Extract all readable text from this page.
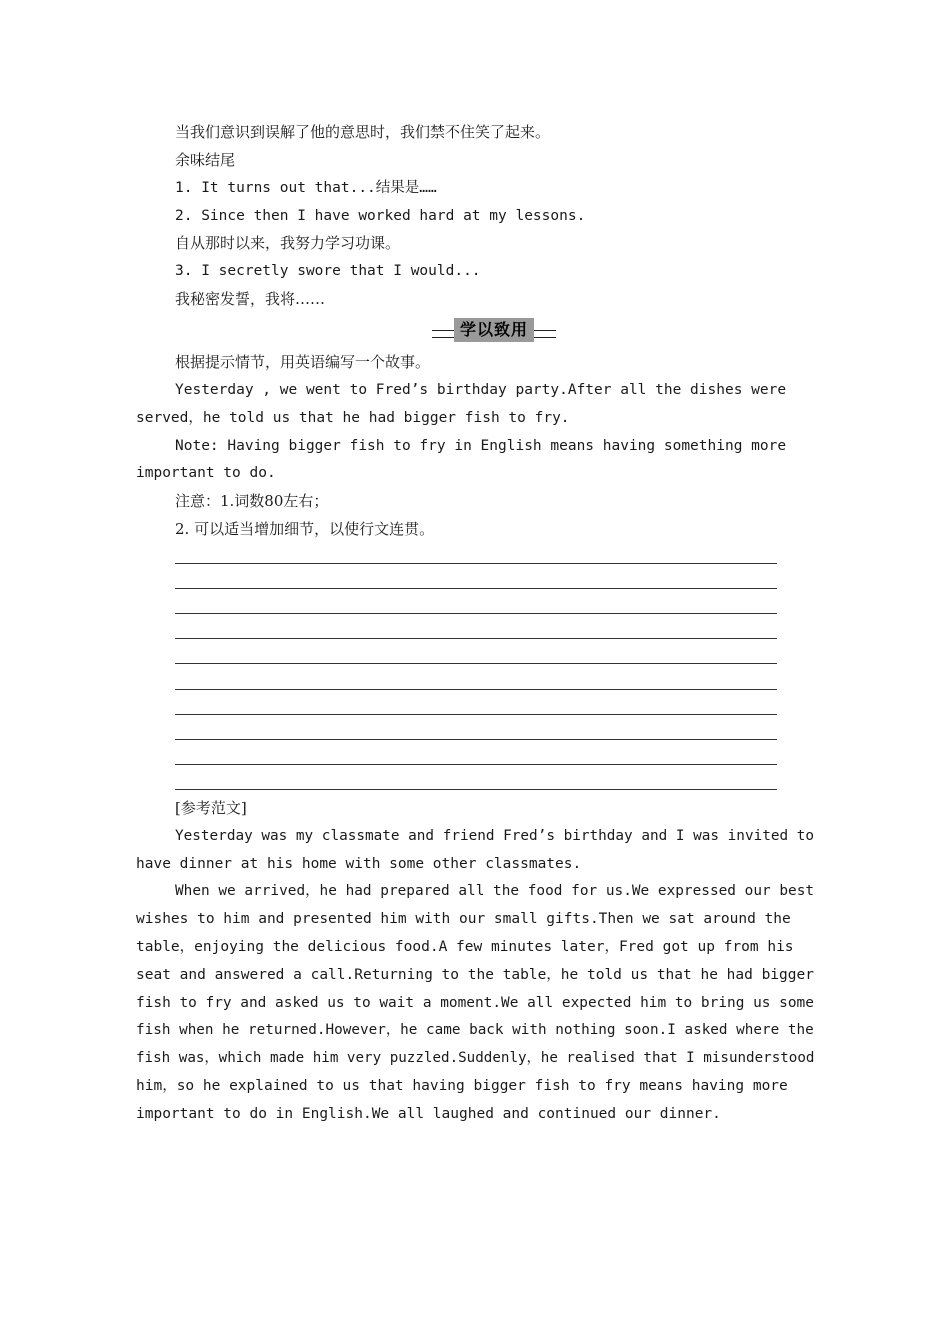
当我们意识到误解了他的意思时，我们禁不住笑了起来。
余味结尾
1. It turns out that...结果是……
2. Since then I have worked hard at my lessons.
自从那时以来，我努力学习功课。
3. I secretly swore that I would...
我秘密发誓，我将……
学以致用
根据提示情节，用英语编写一个故事。
Yesterday , we went to Fred’s birthday party.After all the dishes were
served，he told us that he had bigger fish to fry.
Note: Having bigger fish to fry in English means having something more
important to do.
注意：1.词数80左右；
2. 可以适当增加细节，以使行文连贯。
[参考范文]
Yesterday was my classmate and friend Fred’s birthday and I was invited to
have dinner at his home with some other classmates.
When we arrived，he had prepared all the food for us.We expressed our best
wishes to him and presented him with our small gifts.Then we sat around the
table，enjoying the delicious food.A few minutes later，Fred got up from his
seat and answered a call.Returning to the table，he told us that he had bigger
fish to fry and asked us to wait a moment.We all expected him to bring us some
fish when he returned.However，he came back with nothing soon.I asked where the
fish was，which made him very puzzled.Suddenly，he realised that I misunderstood
him，so he explained to us that having bigger fish to fry means having more
important to do in English.We all laughed and continued our dinner.
